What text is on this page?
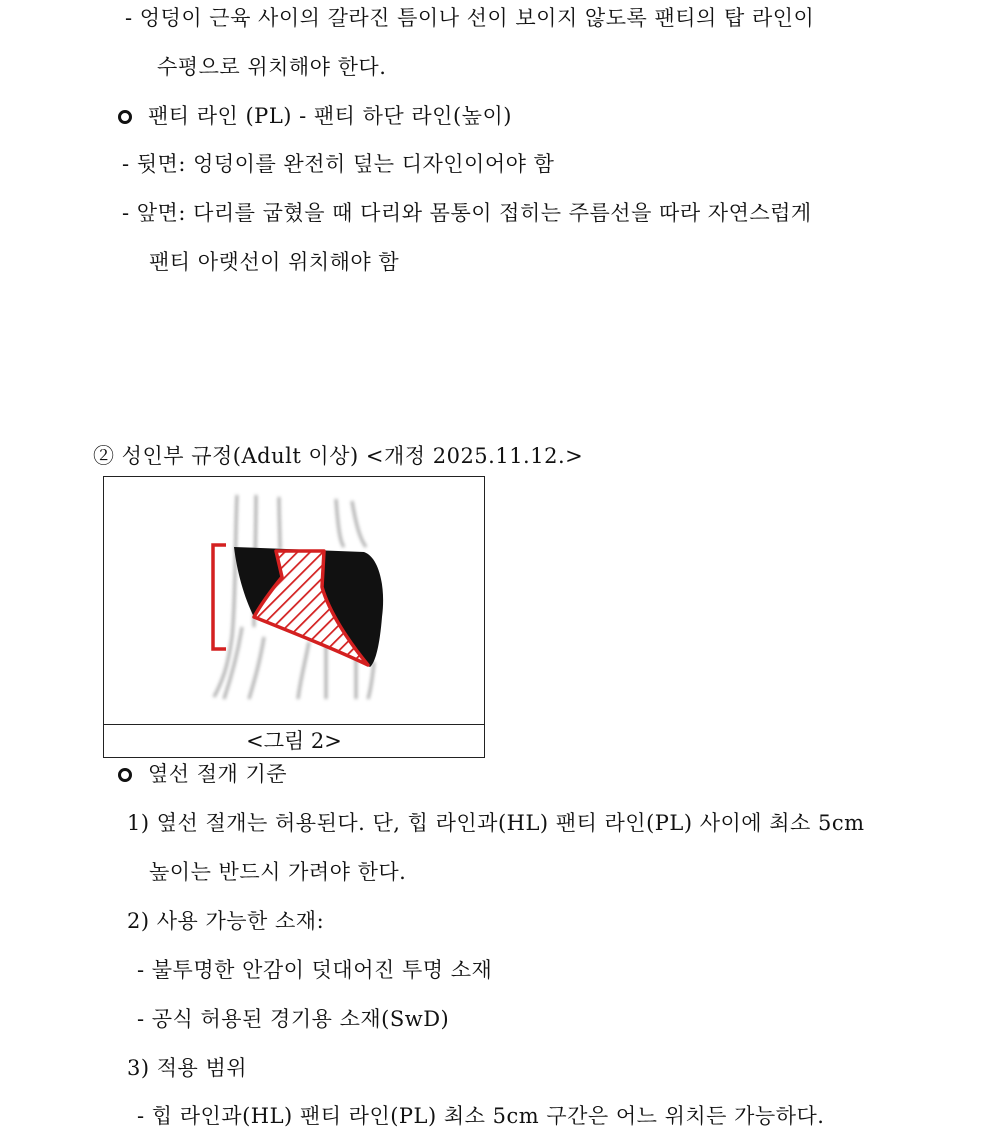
- 엉덩이 근육 사이의 갈라진 틈이나 선이 보이지 않도록 팬티의 탑 라인이
수평으로 위치해야 한다.
팬티 라인 (PL) - 팬티 하단 라인(높이)
- 뒷면: 엉덩이를 완전히 덮는 디자인이어야 함
- 앞면: 다리를 굽혔을 때 다리와 몸통이 접히는 주름선을 따라 자연스럽게
팬티 아랫선이 위치해야 함
② 성인부 규정(Adult 이상) <개정 2025.11.12.>
<그림 2>
옆선 절개 기준
1) 옆선 절개는 허용된다. 단, 힙 라인과(HL) 팬티 라인(PL) 사이에 최소 5cm
높이는 반드시 가려야 한다.
2) 사용 가능한 소재:
- 불투명한 안감이 덧대어진 투명 소재
- 공식 허용된 경기용 소재(SwD)
3) 적용 범위
- 힙 라인과(HL) 팬티 라인(PL) 최소 5cm 구간은 어느 위치든 가능하다.
